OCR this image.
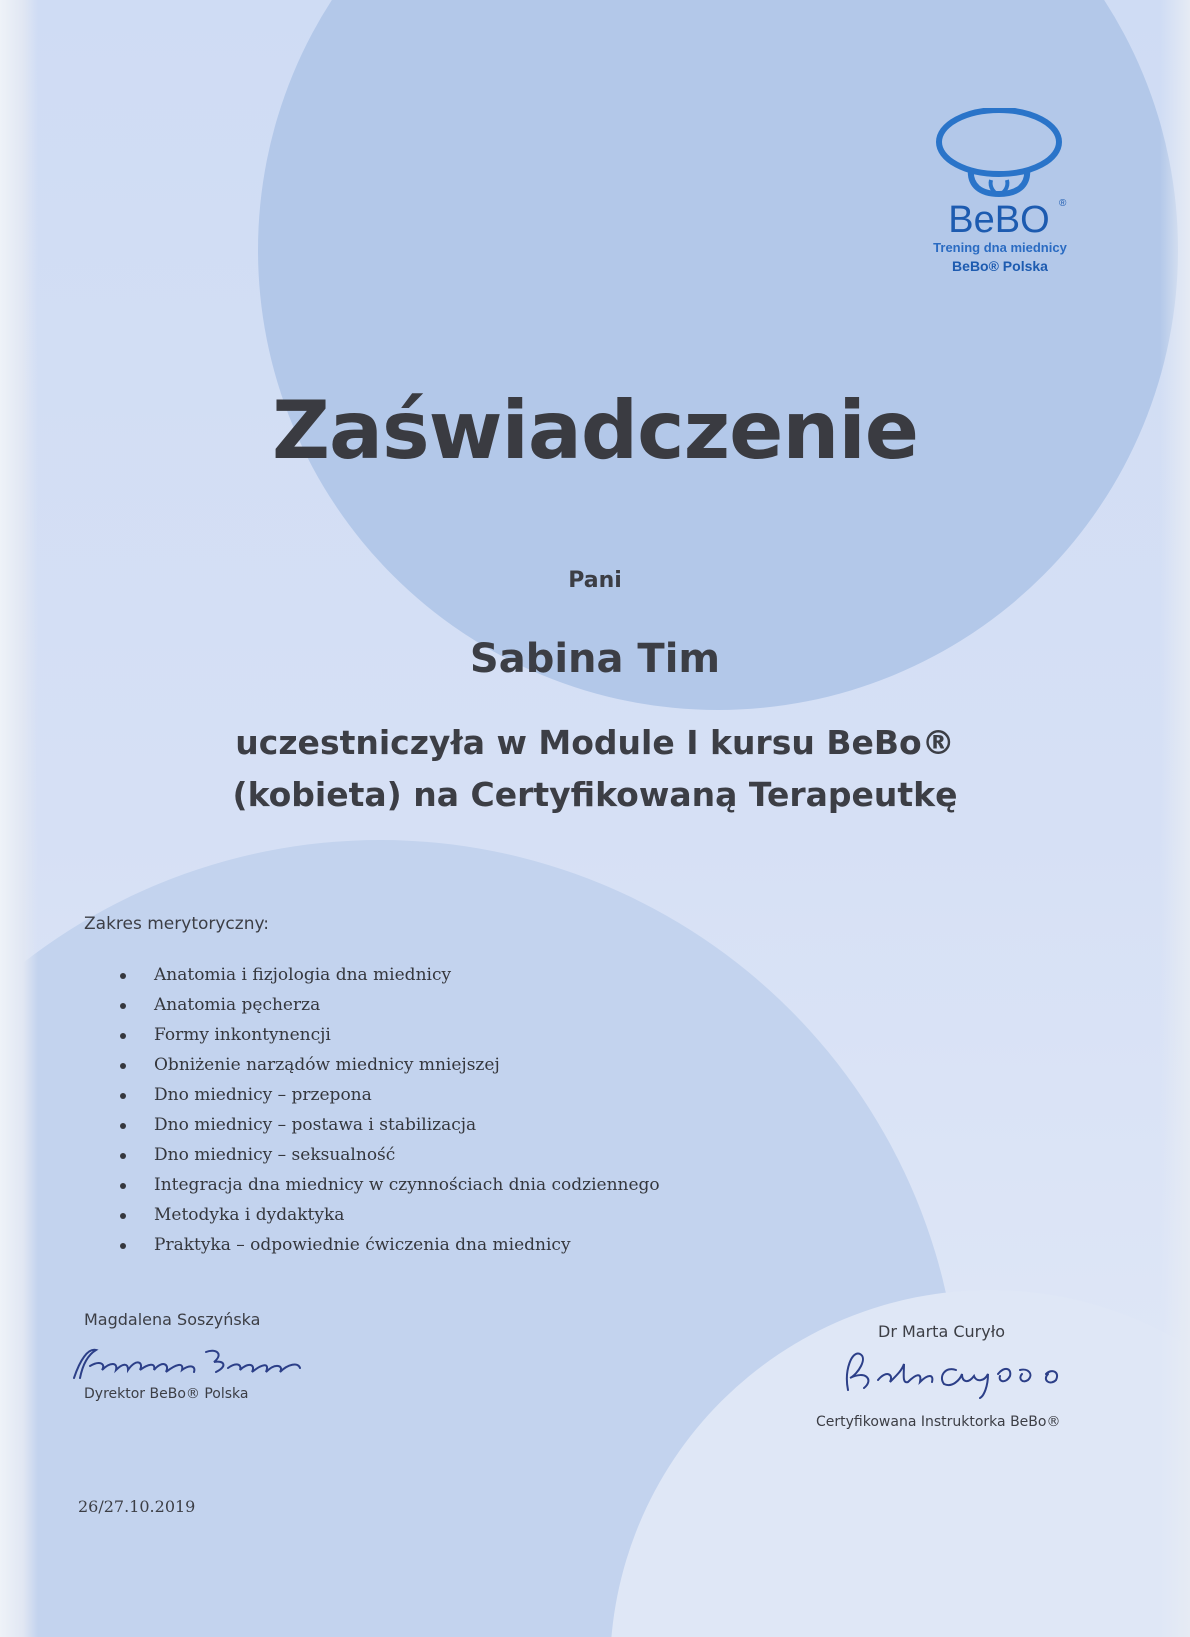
BeBO ®
Trening dna miednicy
BeBo® Polska
Zaświadczenie
Pani
Sabina Tim
uczestniczyła w Module I kursu BeBo®
(kobieta) na Certyfikowaną Terapeutkę
Zakres merytoryczny:
Anatomia i fizjologia dna miednicy
Anatomia pęcherza
Formy inkontynencji
Obniżenie narządów miednicy mniejszej
Dno miednicy – przepona
Dno miednicy – postawa i stabilizacja
Dno miednicy – seksualność
Integracja dna miednicy w czynnościach dnia codziennego
Metodyka i dydaktyka
Praktyka – odpowiednie ćwiczenia dna miednicy
Magdalena Soszyńska
Dyrektor BeBo® Polska
Dr Marta Curyło
Certyfikowana Instruktorka BeBo®
26/27.10.2019
